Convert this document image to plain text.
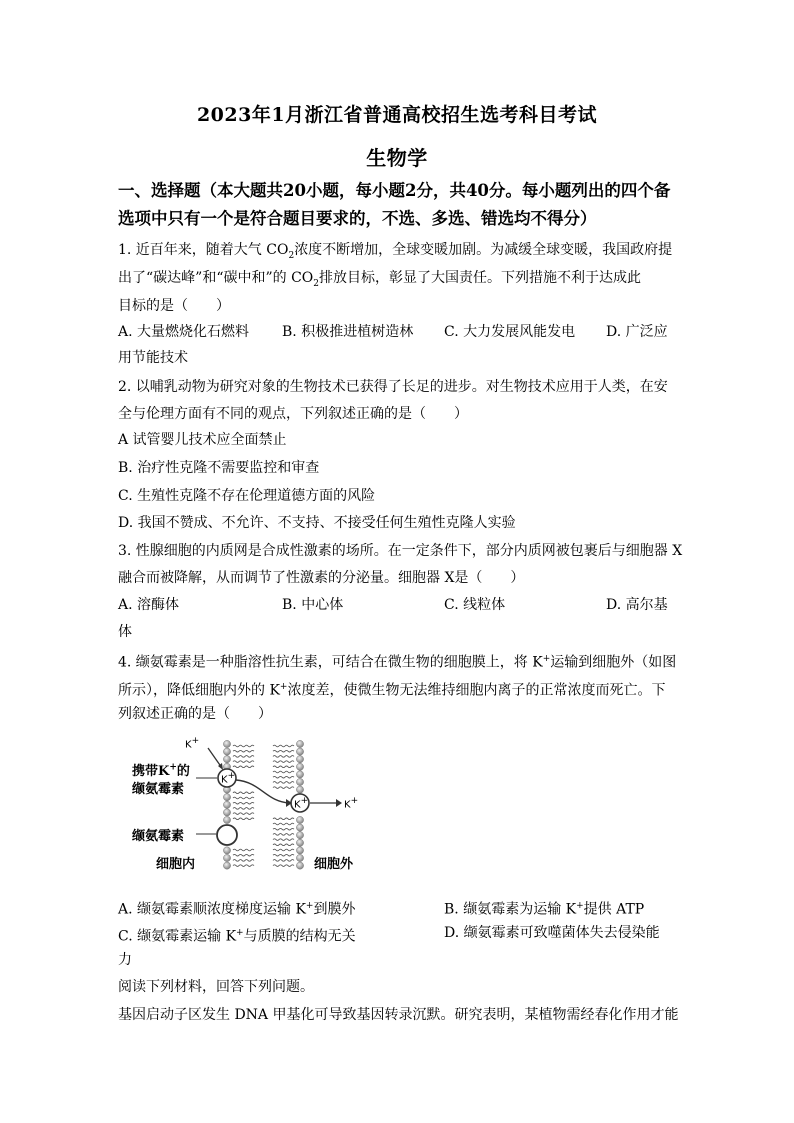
2023年1月浙江省普通高校招生选考科目考试
生物学
一、选择题（本大题共20小题，每小题2分，共40分。每小题列出的四个备
选项中只有一个是符合题目要求的，不选、多选、错选均不得分）
1. 近百年来，随着大气 $CO_2$浓度不断增加，全球变暖加剧。为减缓全球变暖，我国政府提
出了“碳达峰”和“碳中和”的 $CO_2$排放目标，彰显了大国责任。下列措施不利于达成此
目标的是（　　）
A. 大量燃烧化石燃料 B. 积极推进植树造林 C. 大力发展风能发电 D. 广泛应
用节能技术
2. 以哺乳动物为研究对象的生物技术已获得了长足的进步。对生物技术应用于人类，在安
全与伦理方面有不同的观点，下列叙述正确的是（　　）
A 试管婴儿技术应全面禁止
B. 治疗性克隆不需要监控和审查
C. 生殖性克隆不存在伦理道德方面的风险
D. 我国不赞成、不允许、不支持、不接受任何生殖性克隆人实验
3. 性腺细胞的内质网是合成性激素的场所。在一定条件下，部分内质网被包裹后与细胞器 X
融合而被降解，从而调节了性激素的分泌量。细胞器 X是（　　）
A. 溶酶体	B. 中心体	C. 线粒体	D. 高尔基
体
4. 缬氨霉素是一种脂溶性抗生素，可结合在微生物的细胞膜上，将 K+运输到细胞外（如图
所示），降低细胞内外的 K+浓度差，使微生物无法维持细胞内离子的正常浓度而死亡。下
列叙述正确的是（　　）
K+
K+
K+	K+
携带K+的
缬氨霉素
缬氨霉素
细胞内	细胞外
A. 缬氨霉素顺浓度梯度运输 K+到膜外	B. 缬氨霉素为运输 K+提供 ATP
C. 缬氨霉素运输 K+与质膜的结构无关	D. 缬氨霉素可致噬菌体失去侵染能
力
阅读下列材料，回答下列问题。
基因启动子区发生 DNA 甲基化可导致基因转录沉默。研究表明，某植物需经春化作用才能
